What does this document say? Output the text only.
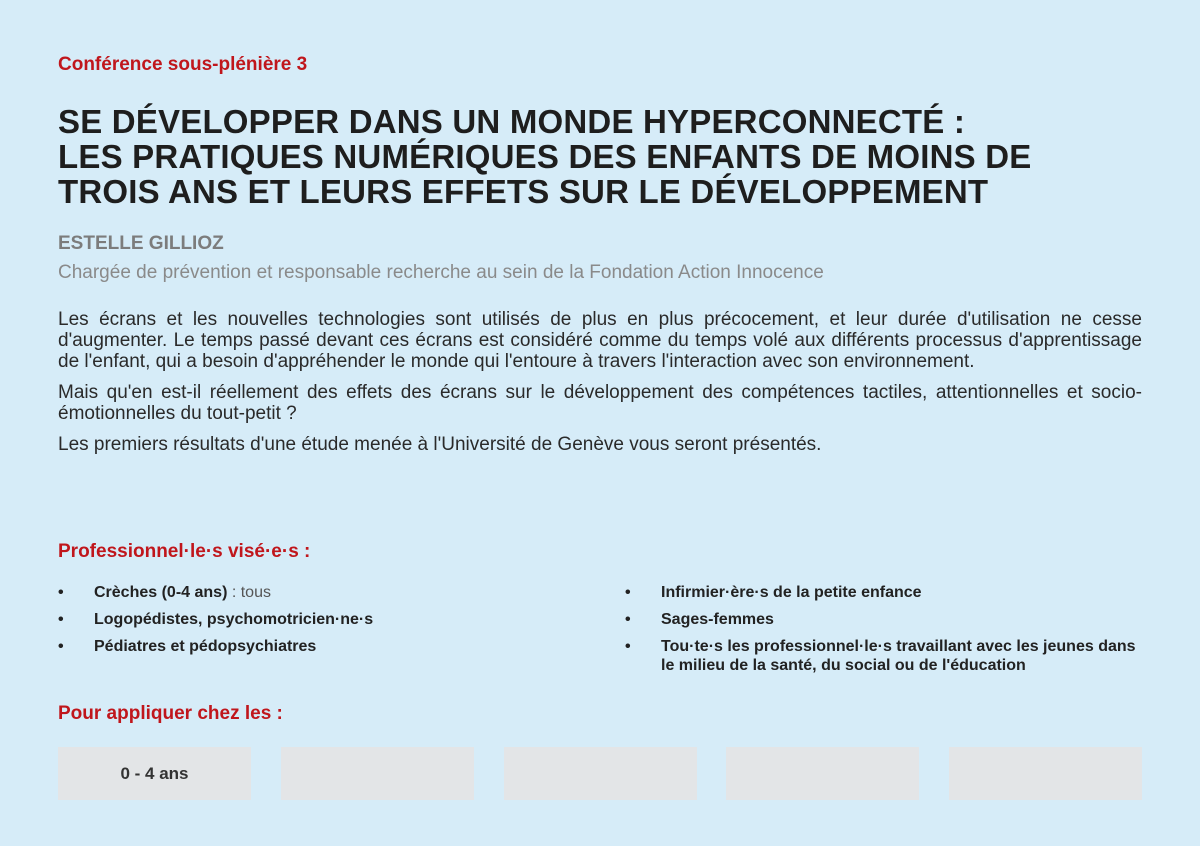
Conférence sous-plénière 3
SE DÉVELOPPER DANS UN MONDE HYPERCONNECTÉ :
LES PRATIQUES NUMÉRIQUES DES ENFANTS DE MOINS DE
TROIS ANS ET LEURS EFFETS SUR LE DÉVELOPPEMENT
ESTELLE GILLIOZ
Chargée de prévention et responsable recherche au sein de la Fondation Action Innocence

Les écrans et les nouvelles technologies sont utilisés de plus en plus précocement, et leur durée d'utilisation ne cesse d'augmenter. Le temps passé devant ces écrans est considéré comme du temps volé aux différents processus d'apprentissage de l'enfant, qui a besoin d'appréhender le monde qui l'entoure à travers l'interaction avec son environnement.

Mais qu'en est-il réellement des effets des écrans sur le développement des compétences tactiles, attentionnelles et socio-émotionnelles du tout-petit ?

Les premiers résultats d'une étude menée à l'Université de Genève vous seront présentés.

Professionnel·le·s visé·e·s :
• Crèches (0-4 ans) : tous
• Logopédistes, psychomotricien·ne·s
• Pédiatres et pédopsychiatres
• Infirmier·ère·s de la petite enfance
• Sages-femmes
• Tou·te·s les professionnel·le·s travaillant avec les jeunes dans le milieu de la santé, du social ou de l'éducation
Pour appliquer chez les :
0 - 4 ans
